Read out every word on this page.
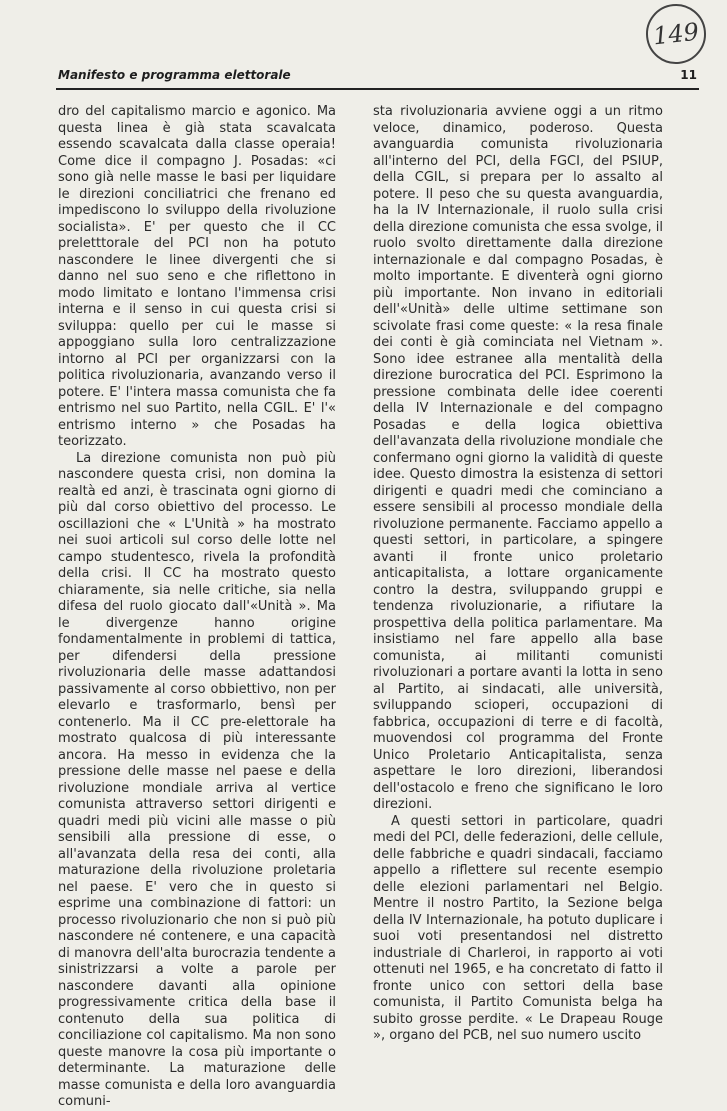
149
Manifesto e programma elettorale	11

dro del capitalismo marcio e agonico. Ma questa linea è già stata scavalcata essendo scavalcata dalla classe operaia! Come dice il compagno J. Posadas: «ci sono già nelle masse le basi per liquidare le direzioni conciliatrici che frenano ed impediscono lo sviluppo della rivoluzione socialista». E' per questo che il CC preletttorale del PCI non ha potuto nascondere le linee divergenti che si danno nel suo seno e che riflettono in modo limitato e lontano l'immensa crisi interna e il senso in cui questa crisi si sviluppa: quello per cui le masse si appoggiano sulla loro centralizzazione intorno al PCI per organizzarsi con la politica rivoluzionaria, avanzando verso il potere. E' l'intera massa comunista che fa entrismo nel suo Partito, nella CGIL. E' l'« entrismo interno » che Posadas ha teorizzato.

La direzione comunista non può più nascondere questa crisi, non domina la realtà ed anzi, è trascinata ogni giorno di più dal corso obiettivo del processo. Le oscillazioni che « L'Unità » ha mostrato nei suoi articoli sul corso delle lotte nel campo studentesco, rivela la profondità della crisi. Il CC ha mostrato questo chiaramente, sia nelle critiche, sia nella difesa del ruolo giocato dall'«Unità ». Ma le divergenze hanno origine fondamentalmente in problemi di tattica, per difendersi della pressione rivoluzionaria delle masse adattandosi passivamente al corso obbiettivo, non per elevarlo e trasformarlo, bensì per contenerlo. Ma il CC pre-elettorale ha mostrato qualcosa di più interessante ancora. Ha messo in evidenza che la pressione delle masse nel paese e della rivoluzione mondiale arriva al vertice comunista attraverso settori dirigenti e quadri medi più vicini alle masse o più sensibili alla pressione di esse, o all'avanzata della resa dei conti, alla maturazione della rivoluzione proletaria nel paese. E' vero che in questo si esprime una combinazione di fattori: un processo rivoluzionario che non si può più nascondere né contenere, e una capacità di manovra dell'alta burocrazia tendente a sinistrizzarsi a volte a parole per nascondere davanti alla opinione progressivamente critica della base il contenuto della sua politica di conciliazione col capitalismo. Ma non sono queste manovre la cosa più importante o determinante. La maturazione delle masse comunista e della loro avanguardia comuni-

sta rivoluzionaria avviene oggi a un ritmo veloce, dinamico, poderoso. Questa avanguardia comunista rivoluzionaria all'interno del PCI, della FGCI, del PSIUP, della CGIL, si prepara per lo assalto al potere. Il peso che su questa avanguardia, ha la IV Internazionale, il ruolo sulla crisi della direzione comunista che essa svolge, il ruolo svolto direttamente dalla direzione internazionale e dal compagno Posadas, è molto importante. E diventerà ogni giorno più importante. Non invano in editoriali dell'«Unità» delle ultime settimane son scivolate frasi come queste: « la resa finale dei conti è già cominciata nel Vietnam ». Sono idee estranee alla mentalità della direzione burocratica del PCI. Esprimono la pressione combinata delle idee coerenti della IV Internazionale e del compagno Posadas e della logica obiettiva dell'avanzata della rivoluzione mondiale che confermano ogni giorno la validità di queste idee. Questo dimostra la esistenza di settori dirigenti e quadri medi che cominciano a essere sensibili al processo mondiale della rivoluzione permanente. Facciamo appello a questi settori, in particolare, a spingere avanti il fronte unico proletario anticapitalista, a lottare organicamente contro la destra, sviluppando gruppi e tendenza rivoluzionarie, a rifiutare la prospettiva della politica parlamentare. Ma insistiamo nel fare appello alla base comunista, ai militanti comunisti rivoluzionari a portare avanti la lotta in seno al Partito, ai sindacati, alle università, sviluppando scioperi, occupazioni di fabbrica, occupazioni di terre e di facoltà, muovendosi col programma del Fronte Unico Proletario Anticapitalista, senza aspettare le loro direzioni, liberandosi dell'ostacolo e freno che significano le loro direzioni.

A questi settori in particolare, quadri medi del PCI, delle federazioni, delle cellule, delle fabbriche e quadri sindacali, facciamo appello a riflettere sul recente esempio delle elezioni parlamentari nel Belgio. Mentre il nostro Partito, la Sezione belga della IV Internazionale, ha potuto duplicare i suoi voti presentandosi nel distretto industriale di Charleroi, in rapporto ai voti ottenuti nel 1965, e ha concretato di fatto il fronte unico con settori della base comunista, il Partito Comunista belga ha subito grosse perdite. « Le Drapeau Rouge », organo del PCB, nel suo numero uscito
